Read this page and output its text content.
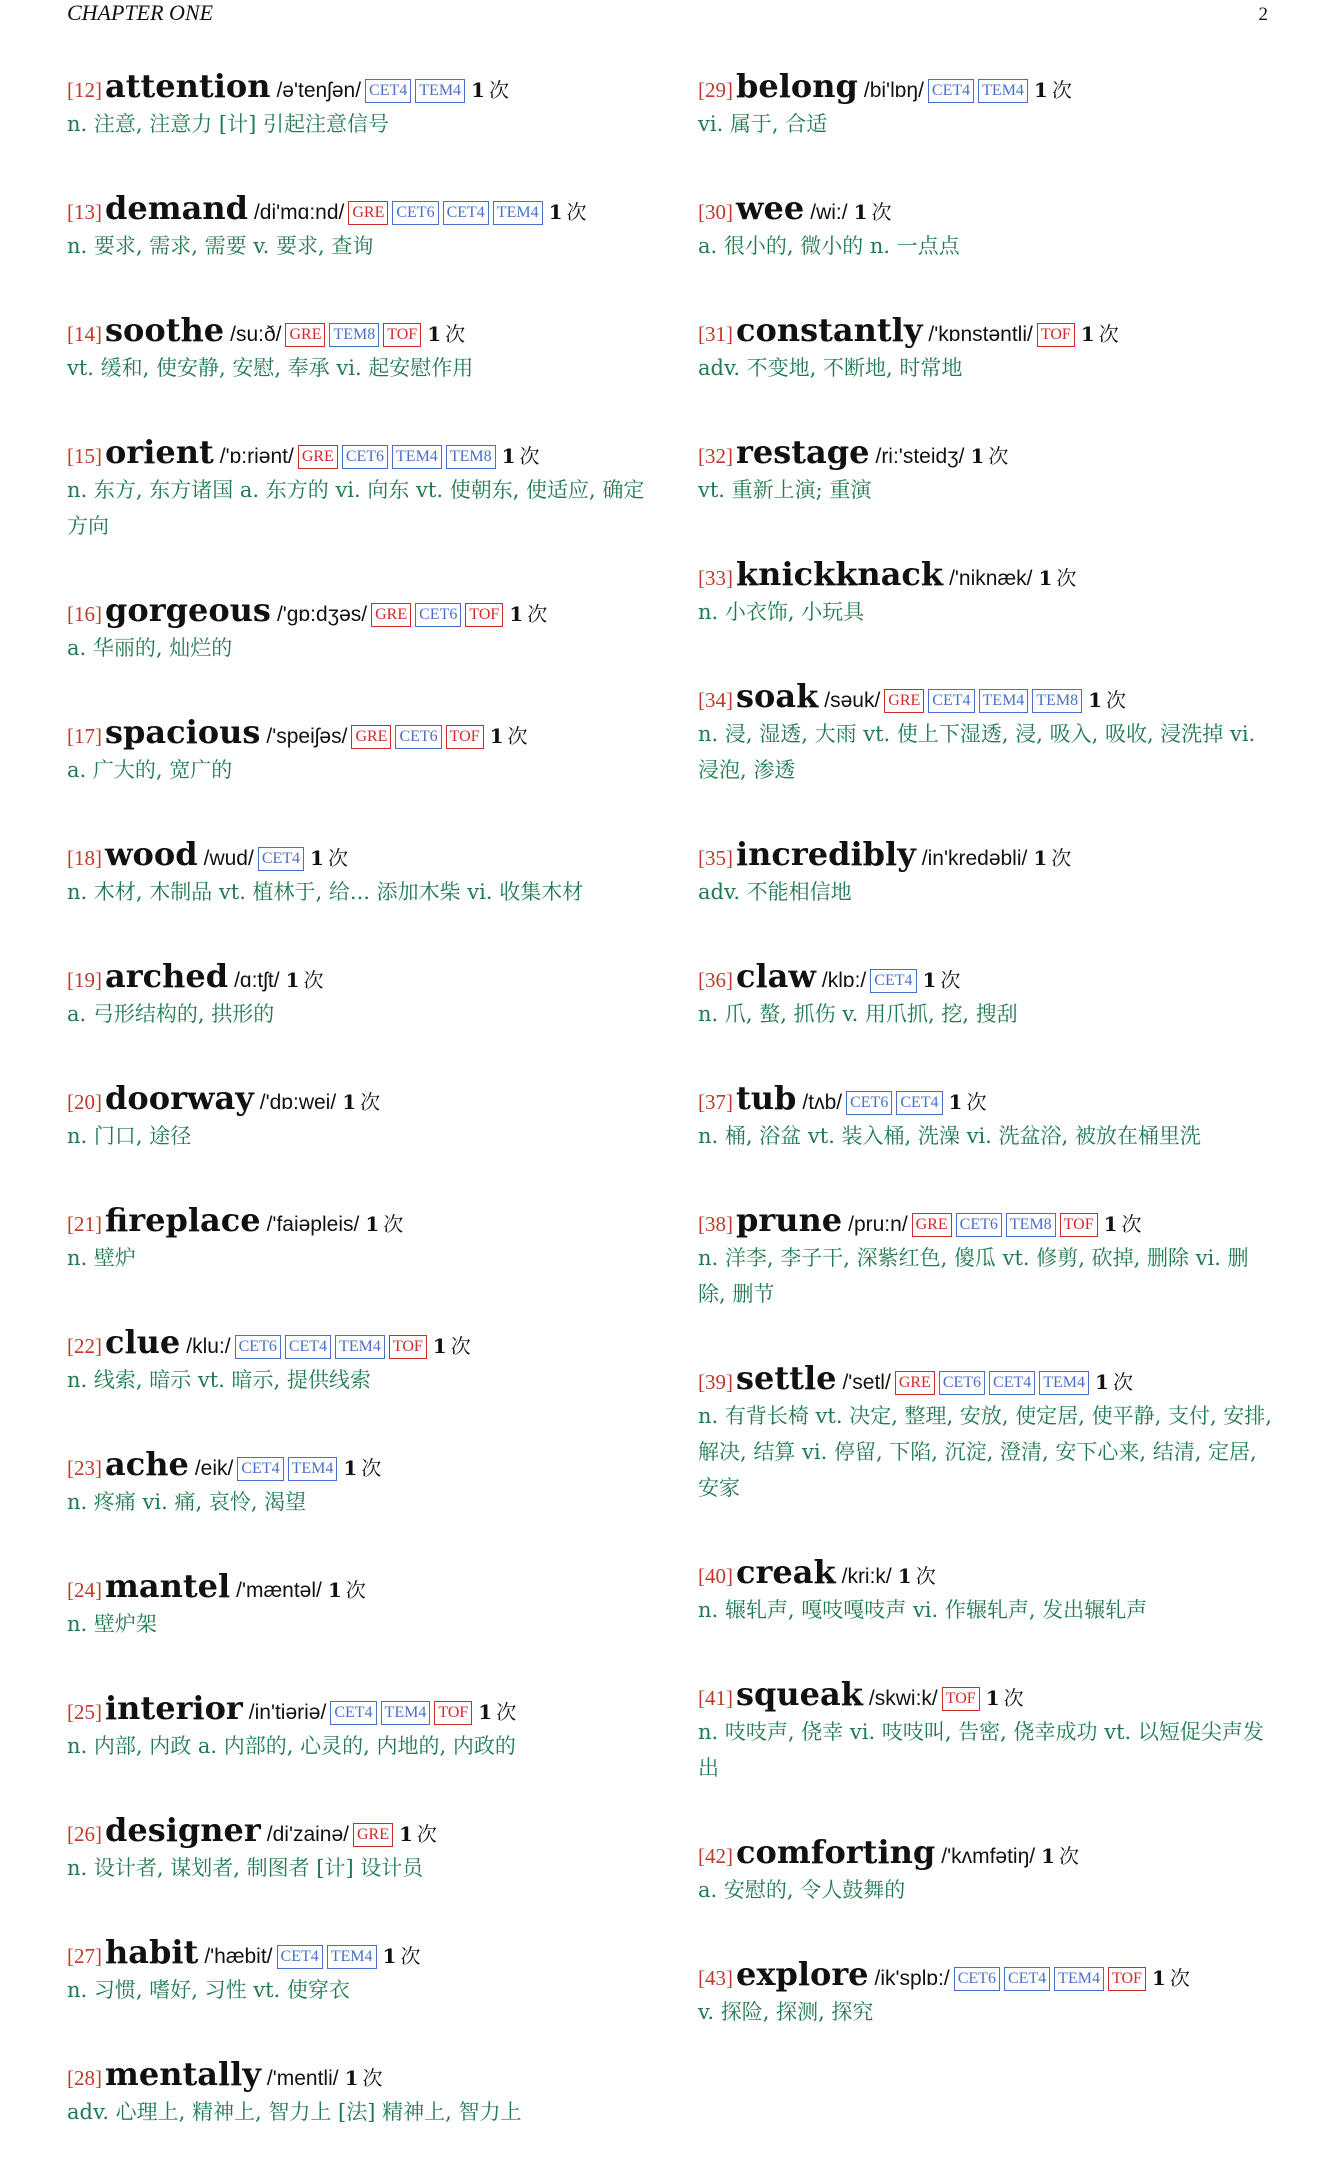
CHAPTER ONE	2
[12]attention /ə'tenʃən/ CET4 TEM4 1 次
n. 注意, 注意力 [计] 引起注意信号
[13]demand /di'mɑ:nd/ GRE CET6 CET4 TEM4 1 次
n. 要求, 需求, 需要 v. 要求, 查询
[14]soothe /su:ð/ GRE TEM8 TOF 1 次
vt. 缓和, 使安静, 安慰, 奉承 vi. 起安慰作用
[15]orient /'ɒ:riənt/ GRE CET6 TEM4 TEM8 1 次
n. 东方, 东方诸国 a. 东方的 vi. 向东 vt. 使朝东, 使适应, 确定方向
[16]gorgeous /'gɒ:dʒəs/ GRE CET6 TOF 1 次
a. 华丽的, 灿烂的
[17]spacious /'speiʃəs/ GRE CET6 TOF 1 次
a. 广大的, 宽广的
[18]wood /wud/ CET4 1 次
n. 木材, 木制品 vt. 植林于, 给... 添加木柴 vi. 收集木材
[19]arched /ɑ:tʃt/ 1 次
a. 弓形结构的, 拱形的
[20]doorway /'dɒ:wei/ 1 次
n. 门口, 途径
[21]fireplace /'faiəpleis/ 1 次
n. 壁炉
[22]clue /klu:/ CET6 CET4 TEM4 TOF 1 次
n. 线索, 暗示 vt. 暗示, 提供线索
[23]ache /eik/ CET4 TEM4 1 次
n. 疼痛 vi. 痛, 哀怜, 渴望
[24]mantel /'mæntəl/ 1 次
n. 壁炉架
[25]interior /in'tiəriə/ CET4 TEM4 TOF 1 次
n. 内部, 内政 a. 内部的, 心灵的, 内地的, 内政的
[26]designer /di'zainə/ GRE 1 次
n. 设计者, 谋划者, 制图者 [计] 设计员
[27]habit /'hæbit/ CET4 TEM4 1 次
n. 习惯, 嗜好, 习性 vt. 使穿衣
[28]mentally /'mentli/ 1 次
adv. 心理上, 精神上, 智力上 [法] 精神上, 智力上
[29]belong /bi'lɒŋ/ CET4 TEM4 1 次
vi. 属于, 合适
[30]wee /wi:/ 1 次
a. 很小的, 微小的 n. 一点点
[31]constantly /'kɒnstəntli/ TOF 1 次
adv. 不变地, 不断地, 时常地
[32]restage /ri:'steidʒ/ 1 次
vt. 重新上演; 重演
[33]knickknack /'niknæk/ 1 次
n. 小衣饰, 小玩具
[34]soak /səuk/ GRE CET4 TEM4 TEM8 1 次
n. 浸, 湿透, 大雨 vt. 使上下湿透, 浸, 吸入, 吸收, 浸洗掉 vi. 浸泡, 渗透
[35]incredibly /in'kredəbli/ 1 次
adv. 不能相信地
[36]claw /klɒ:/ CET4 1 次
n. 爪, 螯, 抓伤 v. 用爪抓, 挖, 搜刮
[37]tub /tʌb/ CET6 CET4 1 次
n. 桶, 浴盆 vt. 装入桶, 洗澡 vi. 洗盆浴, 被放在桶里洗
[38]prune /pru:n/ GRE CET6 TEM8 TOF 1 次
n. 洋李, 李子干, 深紫红色, 傻瓜 vt. 修剪, 砍掉, 删除 vi. 删除, 删节
[39]settle /'setl/ GRE CET6 CET4 TEM4 1 次
n. 有背长椅 vt. 决定, 整理, 安放, 使定居, 使平静, 支付, 安排, 解决, 结算 vi. 停留, 下陷, 沉淀, 澄清, 安下心来, 结清, 定居, 安家
[40]creak /kri:k/ 1 次
n. 辗轧声, 嘎吱嘎吱声 vi. 作辗轧声, 发出辗轧声
[41]squeak /skwi:k/ TOF 1 次
n. 吱吱声, 侥幸 vi. 吱吱叫, 告密, 侥幸成功 vt. 以短促尖声发出
[42]comforting /'kʌmfətiŋ/ 1 次
a. 安慰的, 令人鼓舞的
[43]explore /ik'splɒ:/ CET6 CET4 TEM4 TOF 1 次
v. 探险, 探测, 探究
